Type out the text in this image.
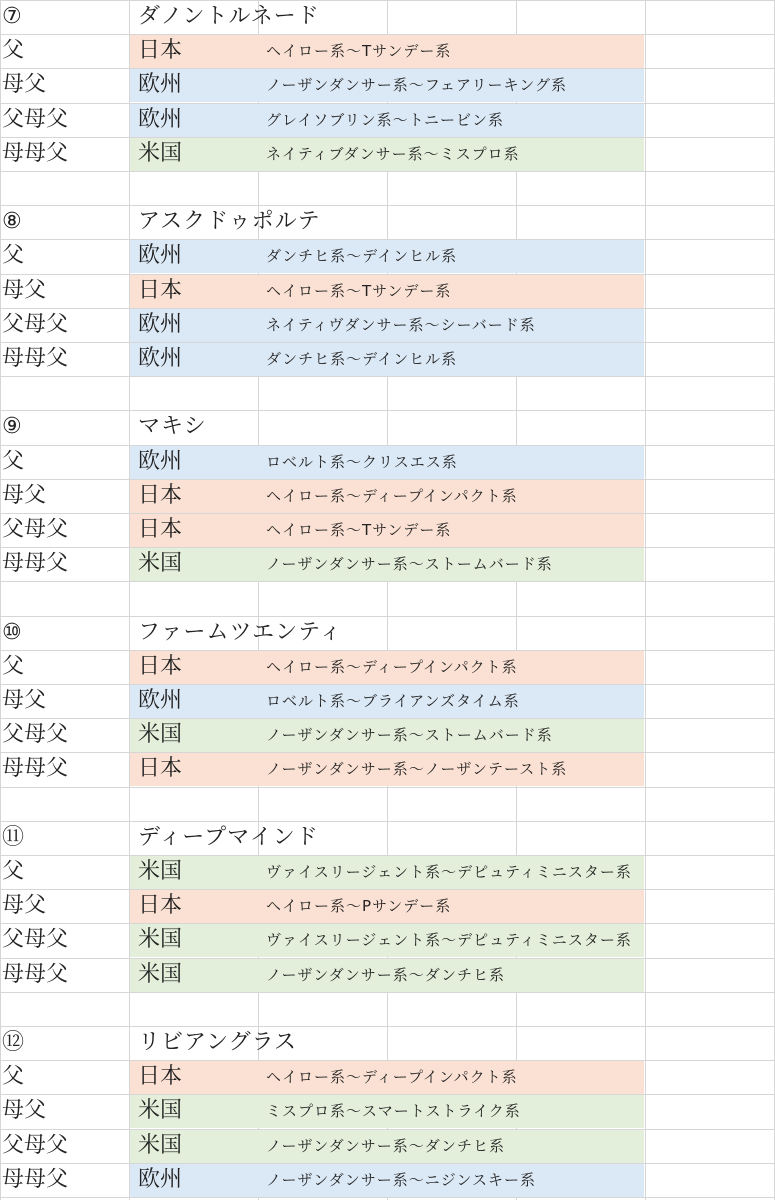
⑦	ダノントルネード
父	日本	ヘイロー系〜Tサンデー系
母父	欧州	ノーザンダンサー系〜フェアリーキング系
父母父	欧州	グレイソブリン系〜トニービン系
母母父	米国	ネイティブダンサー系〜ミスプロ系
⑧	アスクドゥポルテ
父	欧州	ダンチヒ系〜デインヒル系
母父	日本	ヘイロー系〜Tサンデー系
父母父	欧州	ネイティヴダンサー系〜シーバード系
母母父	欧州	ダンチヒ系〜デインヒル系
⑨	マキシ
父	欧州	ロベルト系〜クリスエス系
母父	日本	ヘイロー系〜ディープインパクト系
父母父	日本	ヘイロー系〜Tサンデー系
母母父	米国	ノーザンダンサー系〜ストームバード系
⑩	ファームツエンティ
父	日本	ヘイロー系〜ディープインパクト系
母父	欧州	ロベルト系〜ブライアンズタイム系
父母父	米国	ノーザンダンサー系〜ストームバード系
母母父	日本	ノーザンダンサー系〜ノーザンテースト系
⑪	ディープマインド
父	米国	ヴァイスリージェント系〜デピュティミニスター系
母父	日本	ヘイロー系〜Pサンデー系
父母父	米国	ヴァイスリージェント系〜デピュティミニスター系
母母父	米国	ノーザンダンサー系〜ダンチヒ系
⑫	リビアングラス
父	日本	ヘイロー系〜ディープインパクト系
母父	米国	ミスプロ系〜スマートストライク系
父母父	米国	ノーザンダンサー系〜ダンチヒ系
母母父	欧州	ノーザンダンサー系〜ニジンスキー系
